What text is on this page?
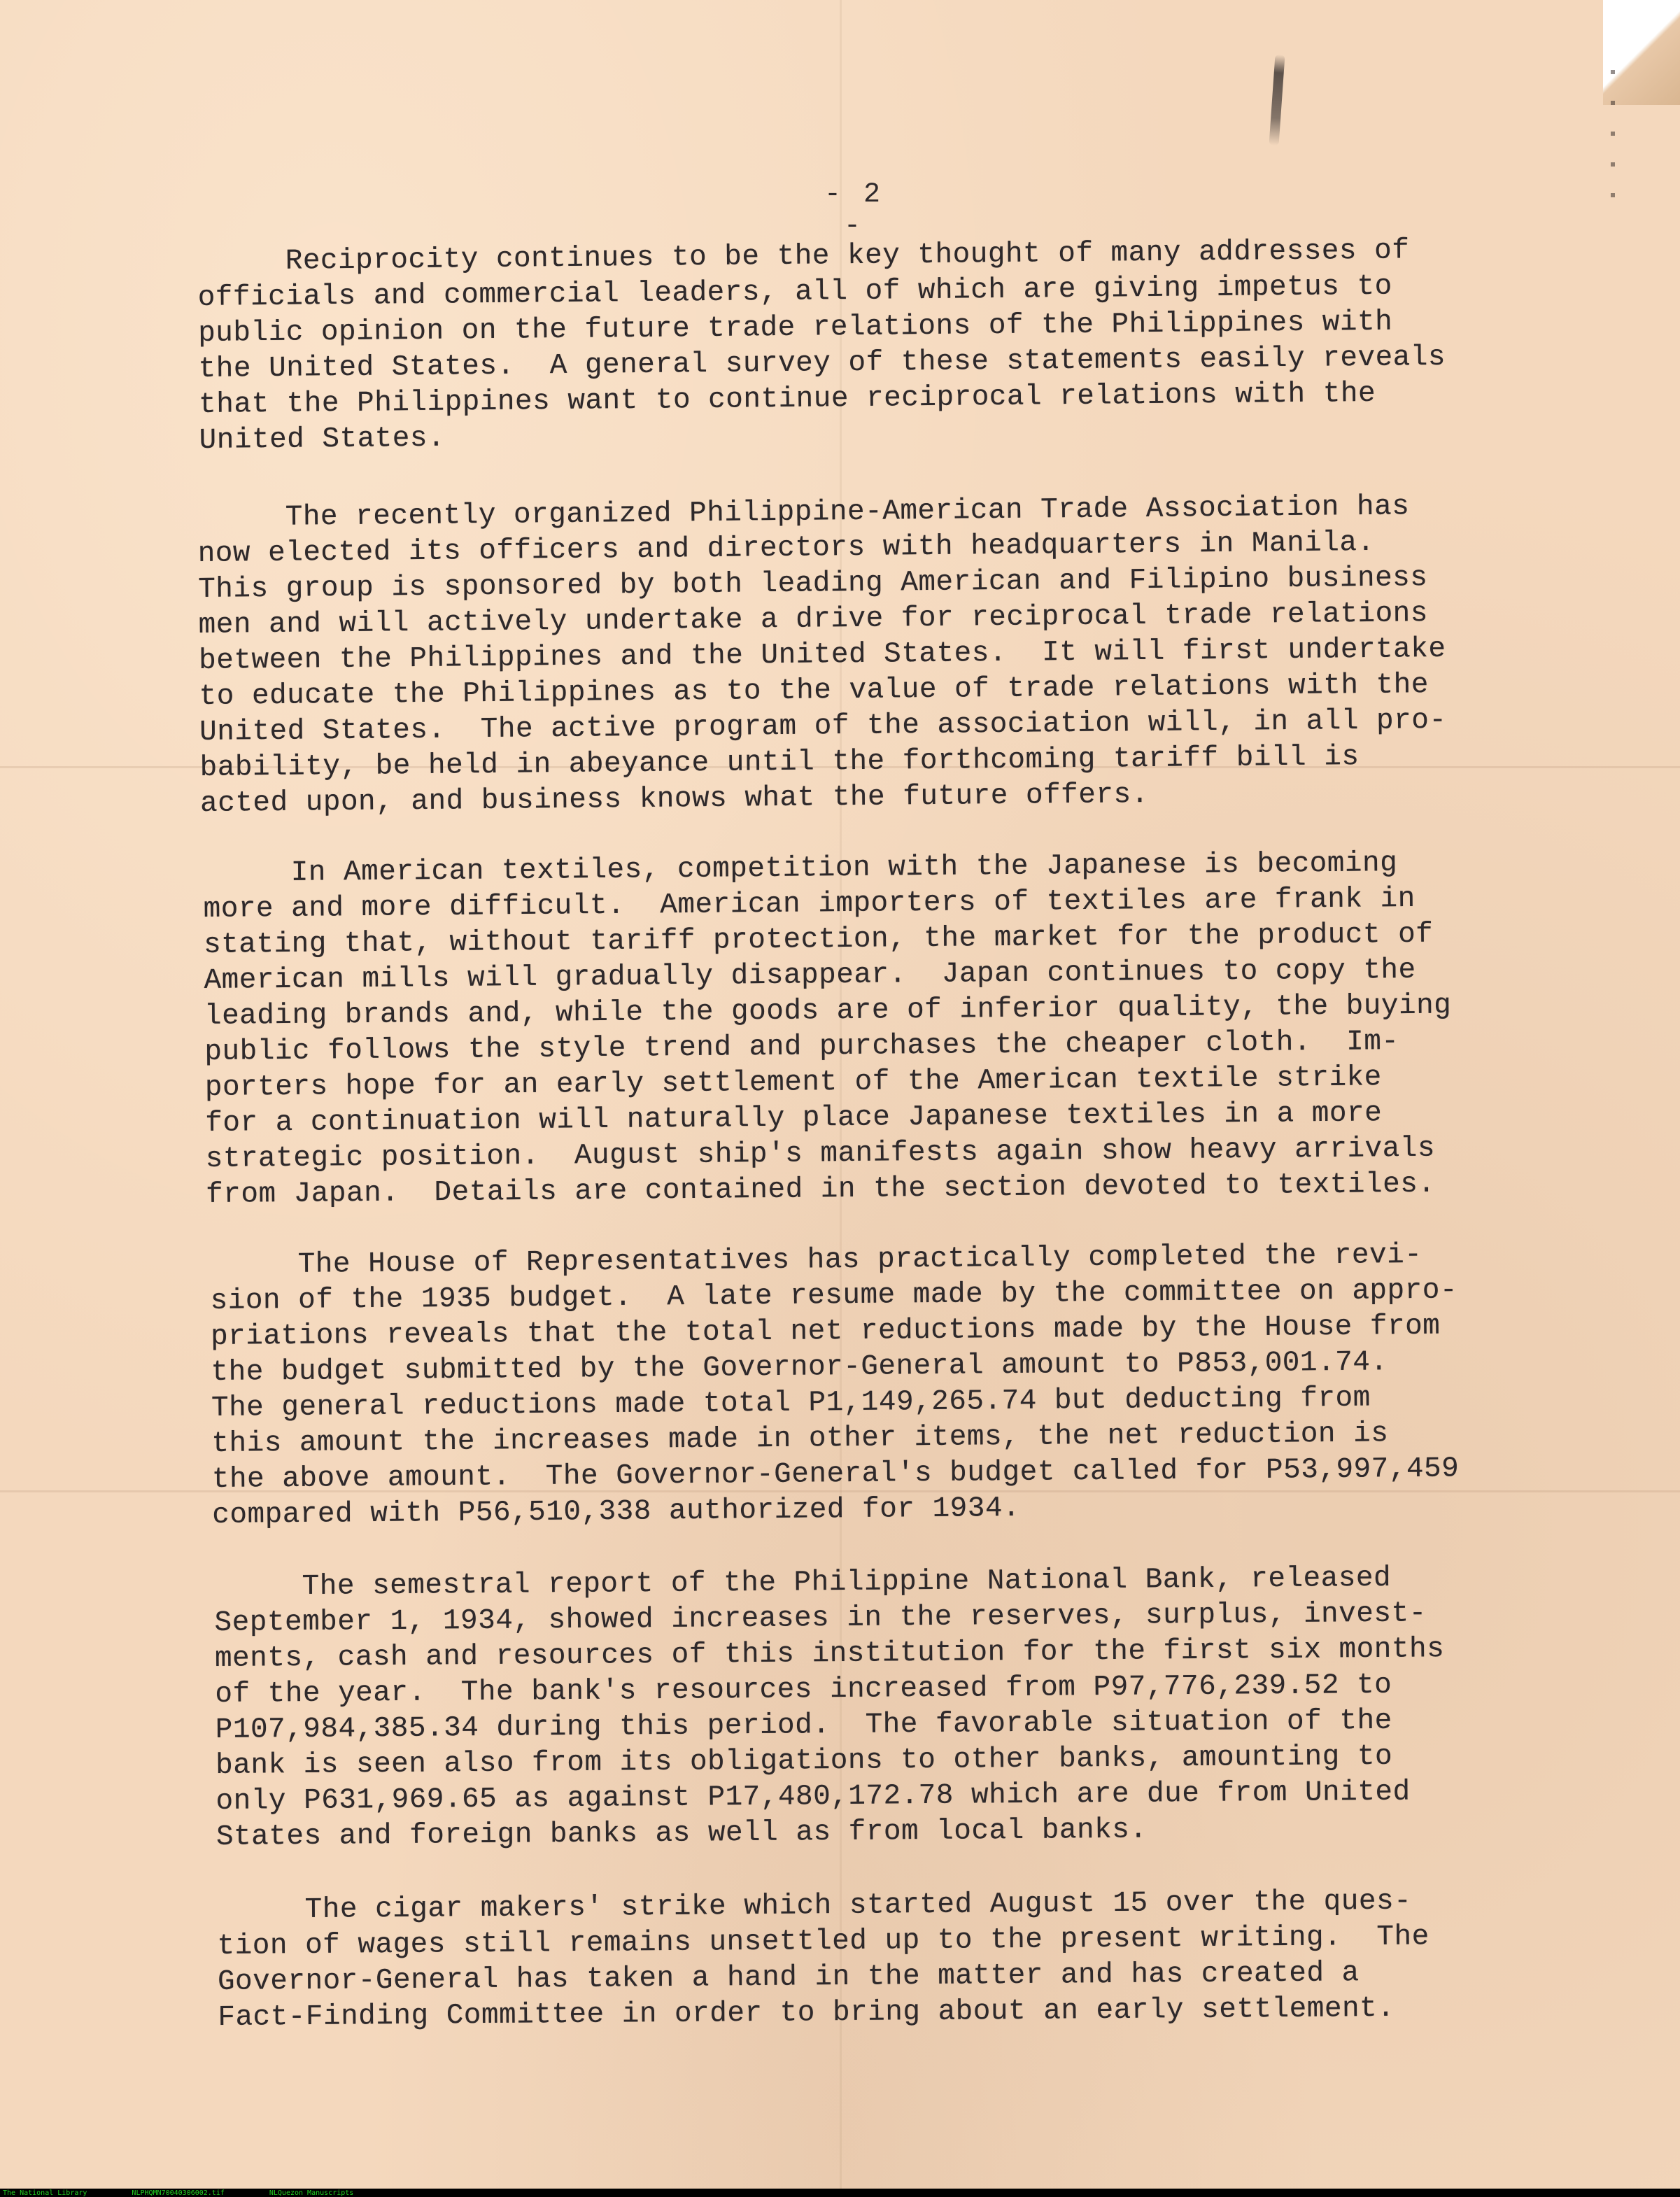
- 2 -
Reciprocity continues to be the key thought of many addresses of
officials and commercial leaders, all of which are giving impetus to
public opinion on the future trade relations of the Philippines with
the United States.  A general survey of these statements easily reveals
that the Philippines want to continue reciprocal relations with the
United States.
The recently organized Philippine-American Trade Association has
now elected its officers and directors with headquarters in Manila.
This group is sponsored by both leading American and Filipino business
men and will actively undertake a drive for reciprocal trade relations
between the Philippines and the United States.  It will first undertake
to educate the Philippines as to the value of trade relations with the
United States.  The active program of the association will, in all pro-
bability, be held in abeyance until the forthcoming tariff bill is
acted upon, and business knows what the future offers.
In American textiles, competition with the Japanese is becoming
more and more difficult.  American importers of textiles are frank in
stating that, without tariff protection, the market for the product of
American mills will gradually disappear.  Japan continues to copy the
leading brands and, while the goods are of inferior quality, the buying
public follows the style trend and purchases the cheaper cloth.  Im-
porters hope for an early settlement of the American textile strike
for a continuation will naturally place Japanese textiles in a more
strategic position.  August ship's manifests again show heavy arrivals
from Japan.  Details are contained in the section devoted to textiles.
The House of Representatives has practically completed the revi-
sion of the 1935 budget.  A late resume made by the committee on appro-
priations reveals that the total net reductions made by the House from
the budget submitted by the Governor-General amount to P853,001.74.
The general reductions made total P1,149,265.74 but deducting from
this amount the increases made in other items, the net reduction is
the above amount.  The Governor-General's budget called for P53,997,459
compared with P56,510,338 authorized for 1934.
The semestral report of the Philippine National Bank, released
September 1, 1934, showed increases in the reserves, surplus, invest-
ments, cash and resources of this institution for the first six months
of the year.  The bank's resources increased from P97,776,239.52 to
P107,984,385.34 during this period.  The favorable situation of the
bank is seen also from its obligations to other banks, amounting to
only P631,969.65 as against P17,480,172.78 which are due from United
States and foreign banks as well as from local banks.
The cigar makers' strike which started August 15 over the ques-
tion of wages still remains unsettled up to the present writing.  The
Governor-General has taken a hand in the matter and has created a
Fact-Finding Committee in order to bring about an early settlement.
The National Library	NLPHQMN70040306002.tif	NLQuezon Manuscripts
